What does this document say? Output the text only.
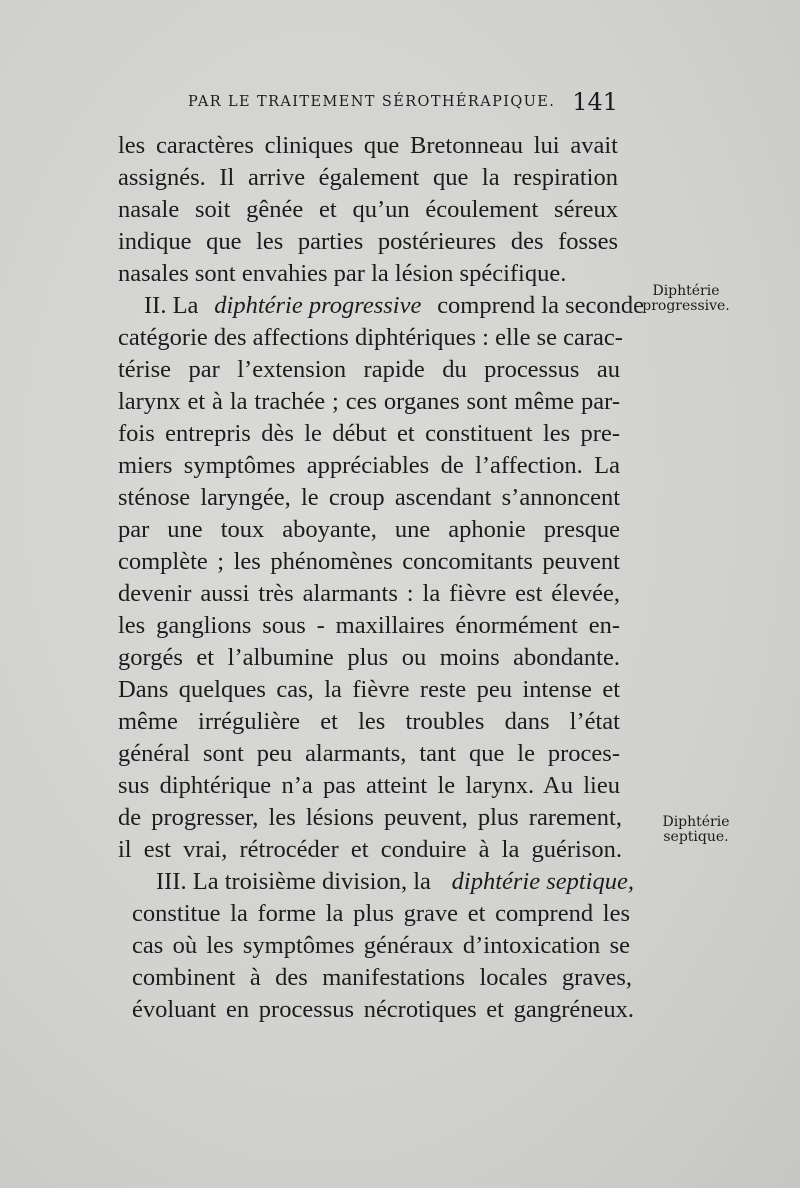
PAR LE TRAITEMENT SÉROTHÉRAPIQUE. 141
les caractères cliniques que Bretonneau lui avait
assignés. Il arrive également que la respiration
nasale soit gênée et qu’un écoulement séreux
indique que les parties postérieures des fosses
nasales sont envahies par la lésion spécifique.
II. La diphtérie progressive comprend la seconde
catégorie des affections diphtériques : elle se carac-
térise par l’extension rapide du processus au
larynx et à la trachée ; ces organes sont même par-
fois entrepris dès le début et constituent les pre-
miers symptômes appréciables de l’affection. La
sténose laryngée, le croup ascendant s’annoncent
par une toux aboyante, une aphonie presque
complète ; les phénomènes concomitants peuvent
devenir aussi très alarmants : la fièvre est élevée,
les ganglions sous - maxillaires énormément en-
gorgés et l’albumine plus ou moins abondante.
Dans quelques cas, la fièvre reste peu intense et
même irrégulière et les troubles dans l’état
général sont peu alarmants, tant que le proces-
sus diphtérique n’a pas atteint le larynx. Au lieu
de progresser, les lésions peuvent, plus rarement,
il est vrai, rétrocéder et conduire à la guérison.
III. La troisième division, la diphtérie septique,
constitue la forme la plus grave et comprend les
cas où les symptômes généraux d’intoxication se
combinent à des manifestations locales graves,
évoluant en processus nécrotiques et gangréneux.
Diphtérie
progressive.
Diphtérie
septique.
